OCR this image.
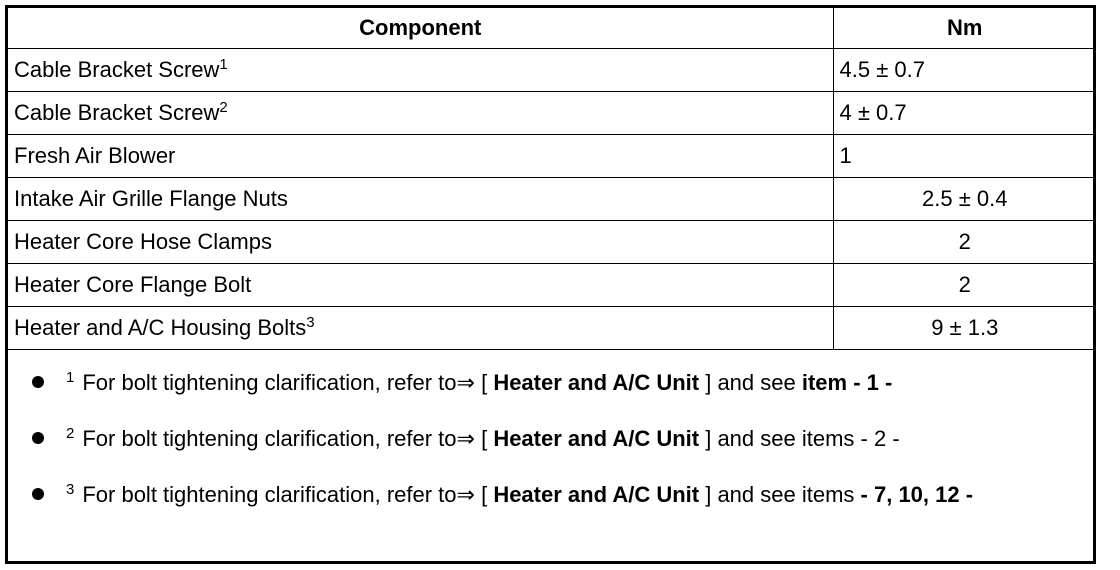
Component	Nm
Cable Bracket Screw$^1$	4.5 ± 0.7
Cable Bracket Screw$^2$	4 ± 0.7
Fresh Air Blower	1
Intake Air Grille Flange Nuts	2.5 ± 0.4
Heater Core Hose Clamps	2
Heater Core Flange Bolt	2
Heater and A/C Housing Bolts$^3$	9 ± 1.3
$^1$ For bolt tightening clarification, refer to⇒ [ Heater and A/C Unit ] and see item - 1 -
$^2$ For bolt tightening clarification, refer to⇒ [ Heater and A/C Unit ] and see items - 2 -
$^3$ For bolt tightening clarification, refer to⇒ [ Heater and A/C Unit ] and see items - 7, 10, 12 -
